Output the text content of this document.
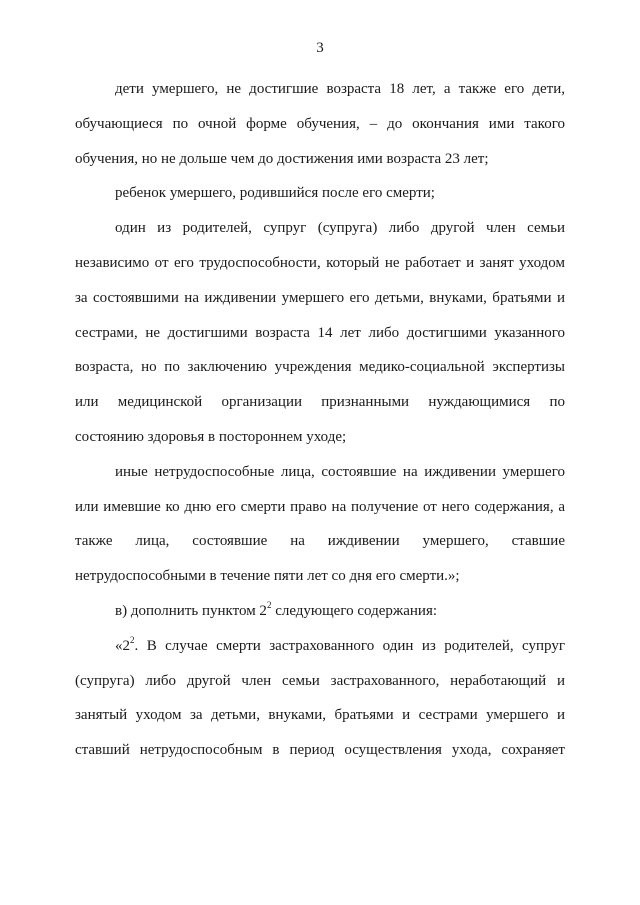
3
дети умершего, не достигшие возраста 18 лет, а также его дети,
обучающиеся по очной форме обучения, – до окончания ими такого
обучения, но не дольше чем до достижения ими возраста 23 лет;
ребенок умершего, родившийся после его смерти;
один из родителей, супруг (супруга) либо другой член семьи
независимо от его трудоспособности, который не работает и занят уходом
за состоявшими на иждивении умершего его детьми, внуками, братьями и
сестрами, не достигшими возраста 14 лет либо достигшими указанного
возраста, но по заключению учреждения медико-социальной экспертизы
или медицинской организации признанными нуждающимися по
состоянию здоровья в постороннем уходе;
иные нетрудоспособные лица, состоявшие на иждивении умершего
или имевшие ко дню его смерти право на получение от него содержания, а
также лица, состоявшие на иждивении умершего, ставшие
нетрудоспособными в течение пяти лет со дня его смерти.»;
в) дополнить пунктом $2^2$ следующего содержания:
«$2^2$. В случае смерти застрахованного один из родителей, супруг
(супруга) либо другой член семьи застрахованного, неработающий и
занятый уходом за детьми, внуками, братьями и сестрами умершего и
ставший нетрудоспособным в период осуществления ухода, сохраняет
